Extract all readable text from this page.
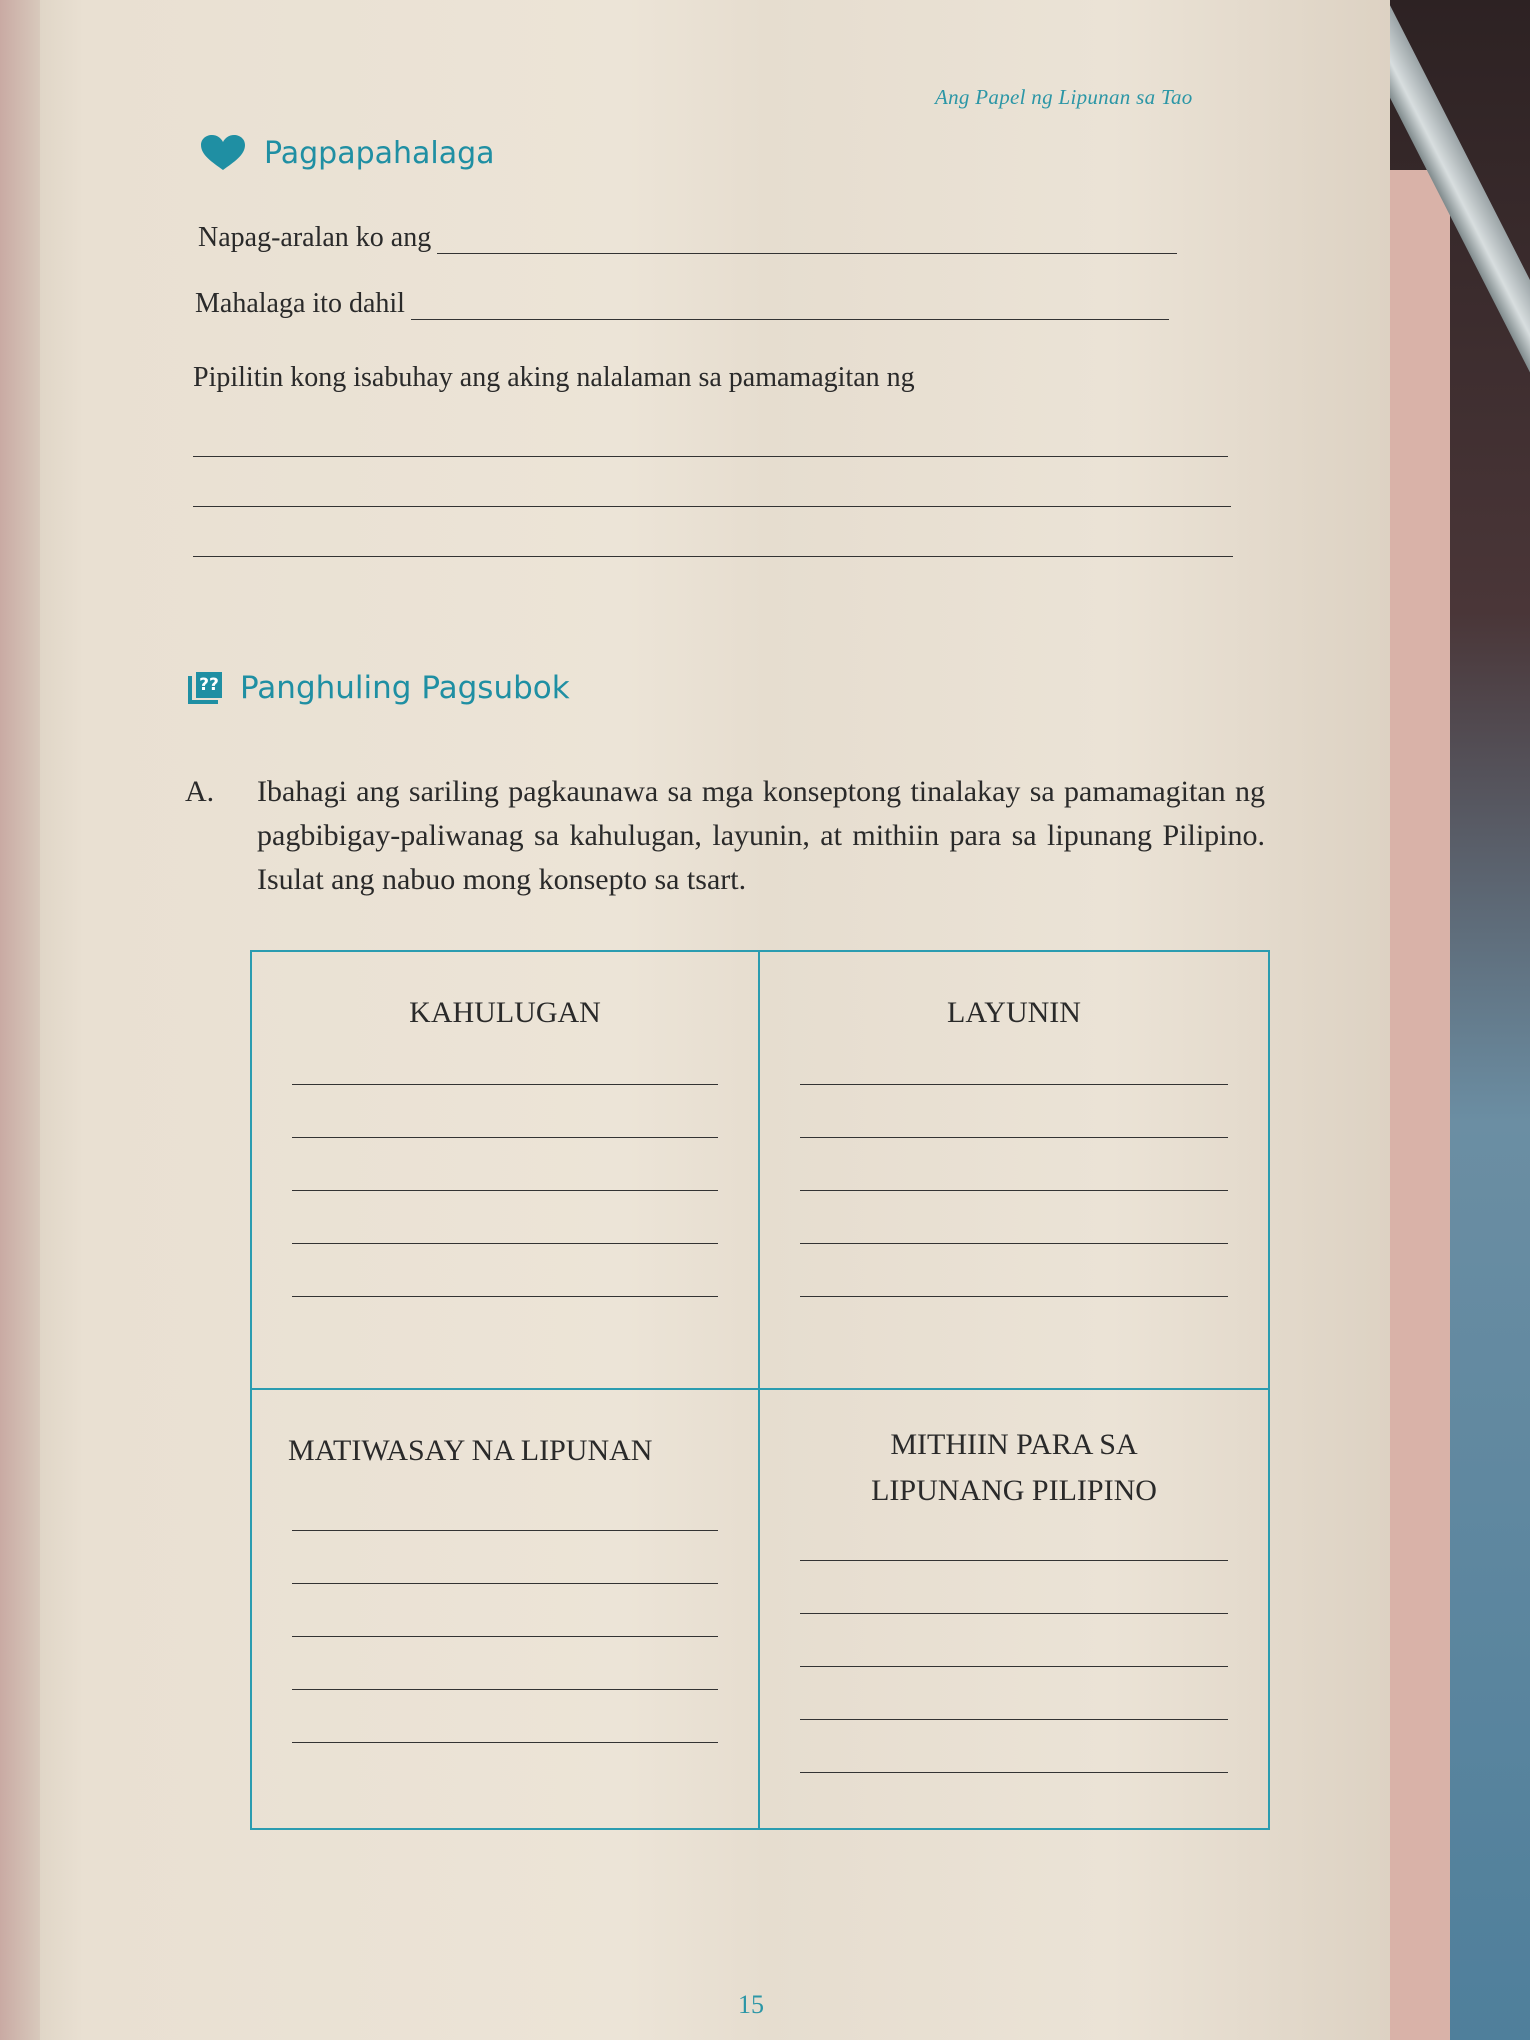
Ang Papel ng Lipunan sa Tao
Pagpapahalaga
Napag-aralan ko ang
Mahalaga ito dahil
Pipilitin kong isabuhay ang aking nalalaman sa pamamagitan ng
?? Panghuling Pagsubok
A. Ibahagi ang sariling pagkaunawa sa mga konseptong tinalakay sa pamamagitan ng pagbibigay-paliwanag sa kahulugan, layunin, at mithiin para sa lipunang Pilipino. Isulat ang nabuo mong konsepto sa tsart.
KAHULUGAN	LAYUNIN
MATIWASAY NA LIPUNAN	MITHIIN PARA SA
LIPUNANG PILIPINO
15
